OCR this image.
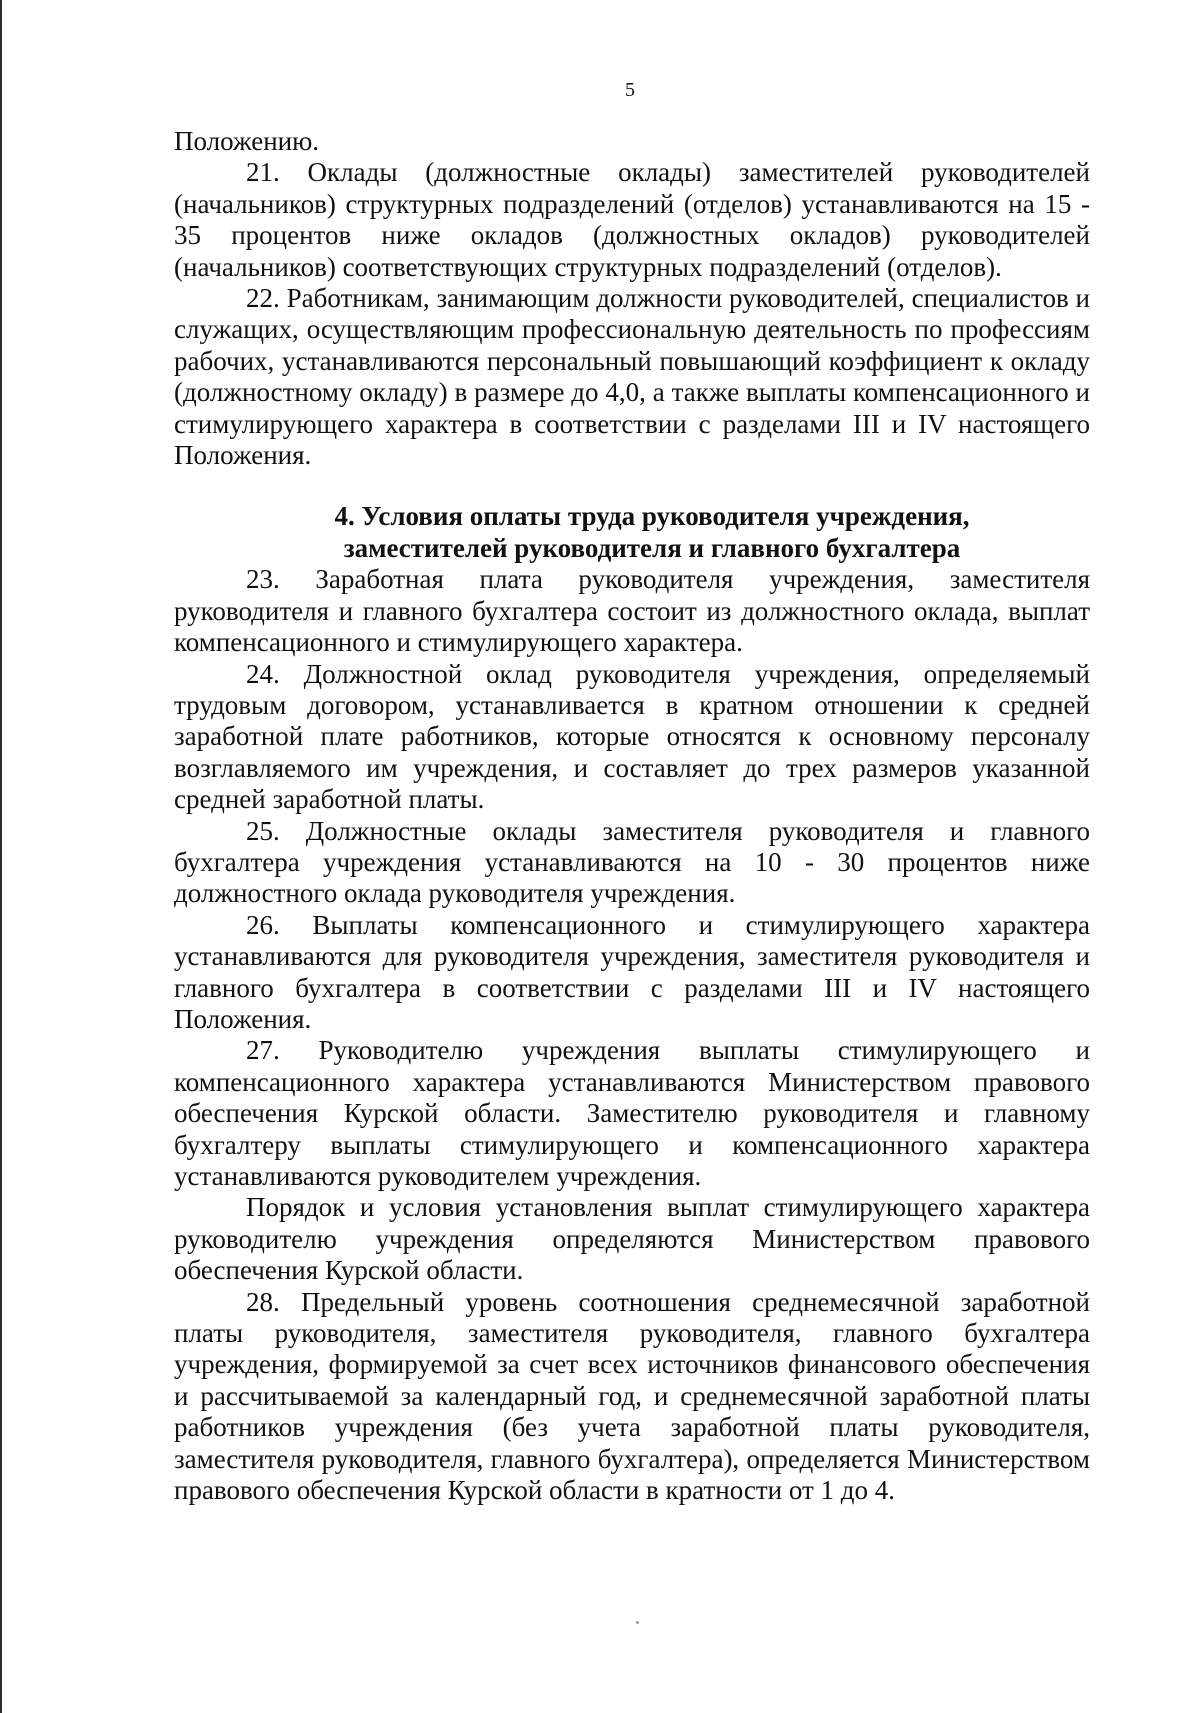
5

Положению.

21. Оклады (должностные оклады) заместителей руководителей (начальников) структурных подразделений (отделов) устанавливаются на 15 - 35 процентов ниже окладов (должностных окладов) руководителей (начальников) соответствующих структурных подразделений (отделов).

22. Работникам, занимающим должности руководителей, специалистов и служащих, осуществляющим профессиональную деятельность по профессиям рабочих, устанавливаются персональный повышающий коэффициент к окладу (должностному окладу) в размере до 4,0, а также выплаты компенсационного и стимулирующего характера в соответствии с разделами III и IV настоящего Положения.

4. Условия оплаты труда руководителя учреждения,
заместителей руководителя и главного бухгалтера

23. Заработная плата руководителя учреждения, заместителя руководителя и главного бухгалтера состоит из должностного оклада, выплат компенсационного и стимулирующего характера.

24. Должностной оклад руководителя учреждения, определяемый трудовым договором, устанавливается в кратном отношении к средней заработной плате работников, которые относятся к основному персоналу возглавляемого им учреждения, и составляет до трех размеров указанной средней заработной платы.

25. Должностные оклады заместителя руководителя и главного бухгалтера учреждения устанавливаются на 10 - 30 процентов ниже должностного оклада руководителя учреждения.

26. Выплаты компенсационного и стимулирующего характера устанавливаются для руководителя учреждения, заместителя руководителя и главного бухгалтера в соответствии с разделами III и IV настоящего Положения.

27. Руководителю учреждения выплаты стимулирующего и компенсационного характера устанавливаются Министерством правового обеспечения Курской области. Заместителю руководителя и главному бухгалтеру выплаты стимулирующего и компенсационного характера устанавливаются руководителем учреждения.

Порядок и условия установления выплат стимулирующего характера руководителю учреждения определяются Министерством правового обеспечения Курской области.

28. Предельный уровень соотношения среднемесячной заработной платы руководителя, заместителя руководителя, главного бухгалтера учреждения, формируемой за счет всех источников финансового обеспечения и рассчитываемой за календарный год, и среднемесячной заработной платы работников учреждения (без учета заработной платы руководителя, заместителя руководителя, главного бухгалтера), определяется Министерством правового обеспечения Курской области в кратности от 1 до 4.
